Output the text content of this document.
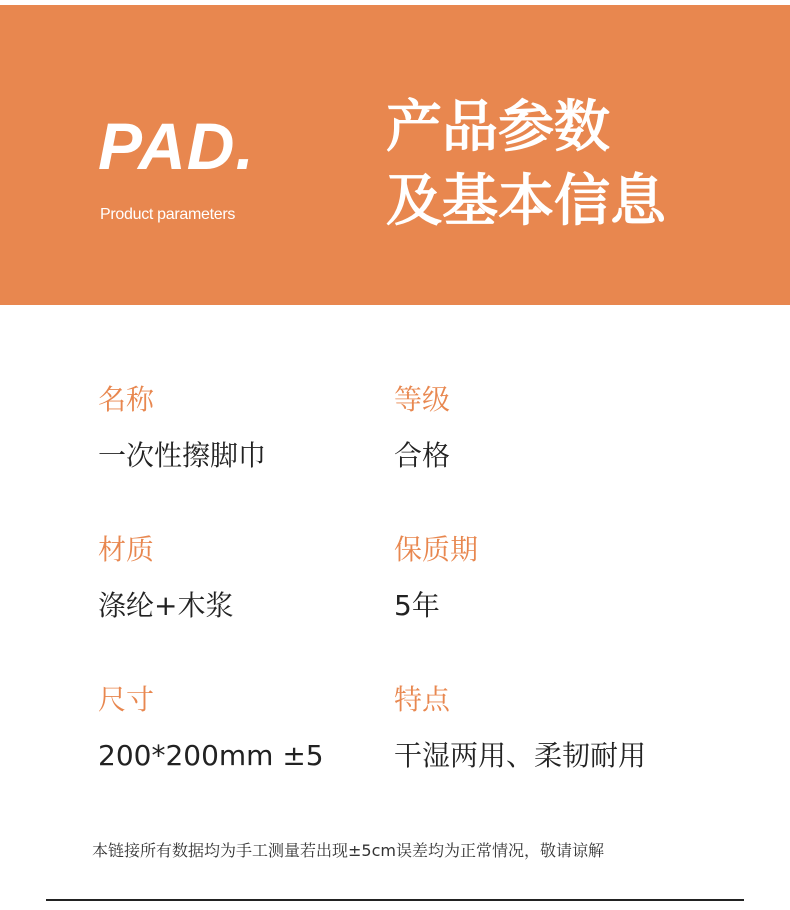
PAD.
Product parameters
产品参数
及基本信息
名称
一次性擦脚巾
等级
合格
材质
涤纶+木浆
保质期
5年
尺寸
200*200mm ±5
特点
干湿两用、柔韧耐用
本链接所有数据均为手工测量若出现±5cm误差均为正常情况，敬请谅解
